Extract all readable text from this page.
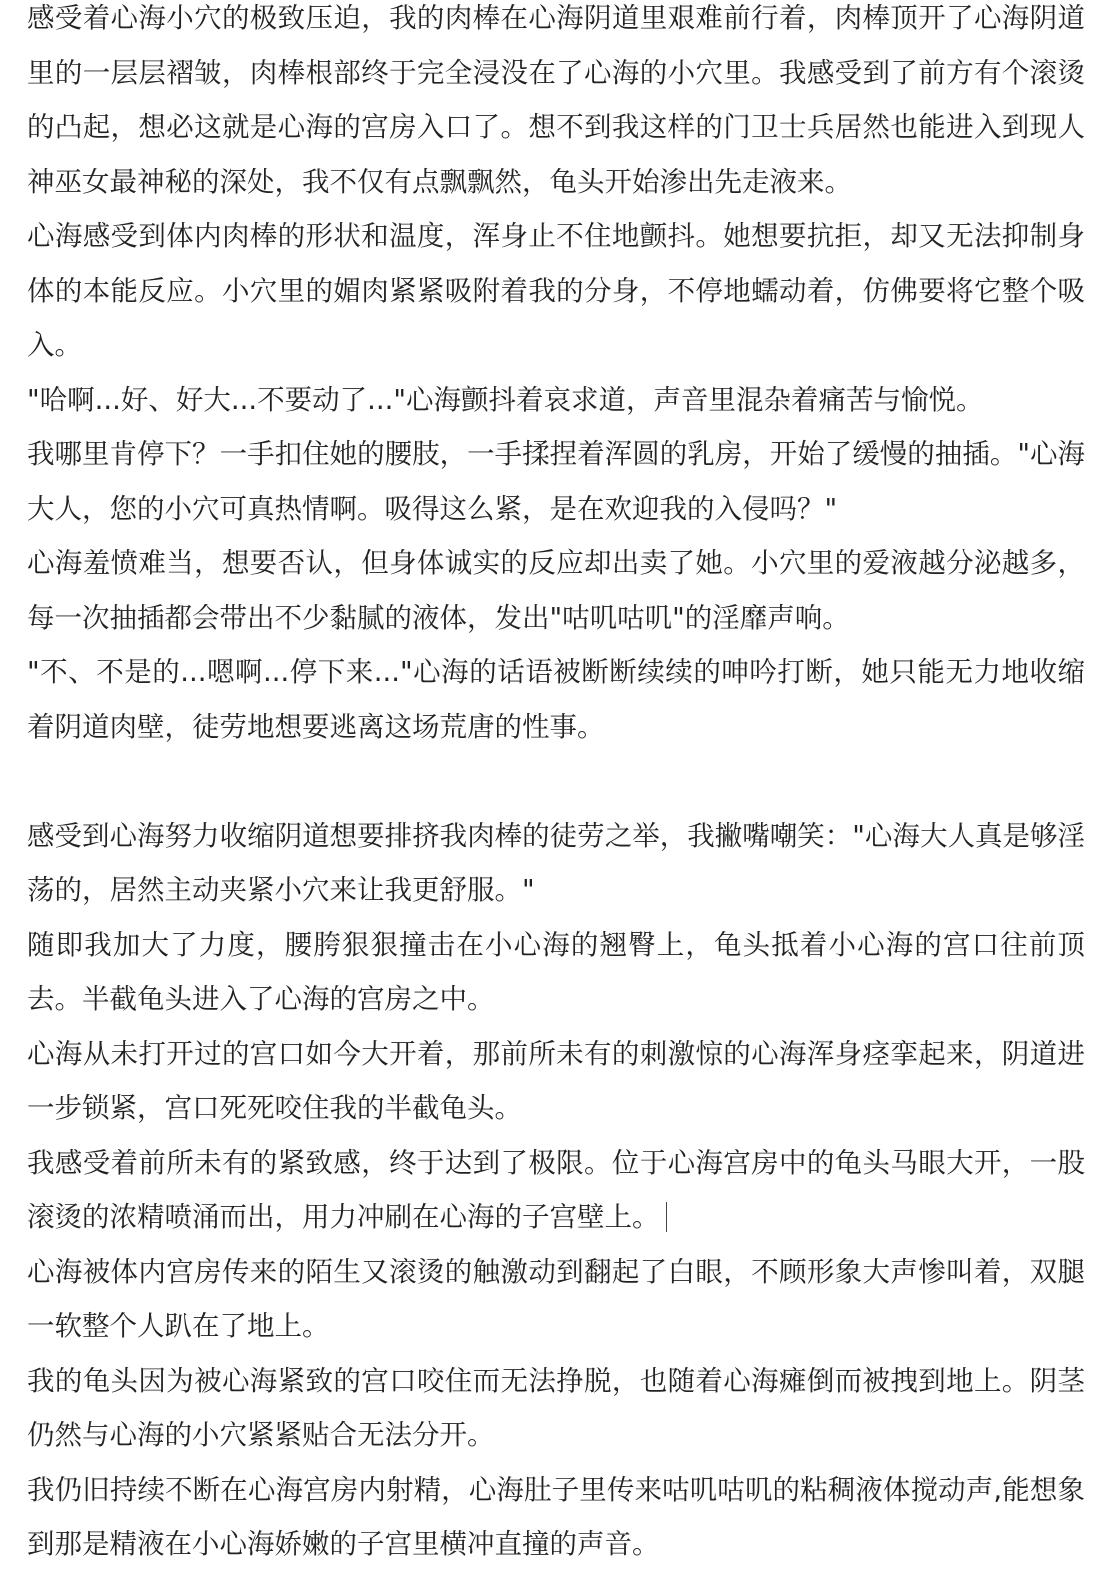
感受着心海小穴的极致压迫，我的肉棒在心海阴道里艰难前行着，肉棒顶开了心海阴道里的一层层褶皱，肉棒根部终于完全浸没在了心海的小穴里。我感受到了前方有个滚烫的凸起，想必这就是心海的宫房入口了。想不到我这样的门卫士兵居然也能进入到现人神巫女最神秘的深处，我不仅有点飘飘然，龟头开始渗出先走液来。

心海感受到体内肉棒的形状和温度，浑身止不住地颤抖。她想要抗拒，却又无法抑制身体的本能反应。小穴里的媚肉紧紧吸附着我的分身，不停地蠕动着，仿佛要将它整个吸入。

"哈啊...好、好大...不要动了..."心海颤抖着哀求道，声音里混杂着痛苦与愉悦。

我哪里肯停下？一手扣住她的腰肢，一手揉捏着浑圆的乳房，开始了缓慢的抽插。"心海大人，您的小穴可真热情啊。吸得这么紧，是在欢迎我的入侵吗？"

心海羞愤难当，想要否认，但身体诚实的反应却出卖了她。小穴里的爱液越分泌越多，每一次抽插都会带出不少黏腻的液体，发出"咕叽咕叽"的淫靡声响。

"不、不是的...嗯啊...停下来..."心海的话语被断断续续的呻吟打断，她只能无力地收缩着阴道肉壁，徒劳地想要逃离这场荒唐的性事。

感受到心海努力收缩阴道想要排挤我肉棒的徒劳之举，我撇嘴嘲笑："心海大人真是够淫荡的，居然主动夹紧小穴来让我更舒服。"

随即我加大了力度，腰胯狠狠撞击在小心海的翘臀上，龟头抵着小心海的宫口往前顶去。半截龟头进入了心海的宫房之中。

心海从未打开过的宫口如今大开着，那前所未有的刺激惊的心海浑身痉挛起来，阴道进一步锁紧，宫口死死咬住我的半截龟头。

我感受着前所未有的紧致感，终于达到了极限。位于心海宫房中的龟头马眼大开，一股滚烫的浓精喷涌而出，用力冲刷在心海的子宫壁上。

心海被体内宫房传来的陌生又滚烫的触激动到翻起了白眼，不顾形象大声惨叫着，双腿一软整个人趴在了地上。

我的龟头因为被心海紧致的宫口咬住而无法挣脱，也随着心海瘫倒而被拽到地上。阴茎仍然与心海的小穴紧紧贴合无法分开。

我仍旧持续不断在心海宫房内射精，心海肚子里传来咕叽咕叽的粘稠液体搅动声,能想象到那是精液在小心海娇嫩的子宫里横冲直撞的声音。
